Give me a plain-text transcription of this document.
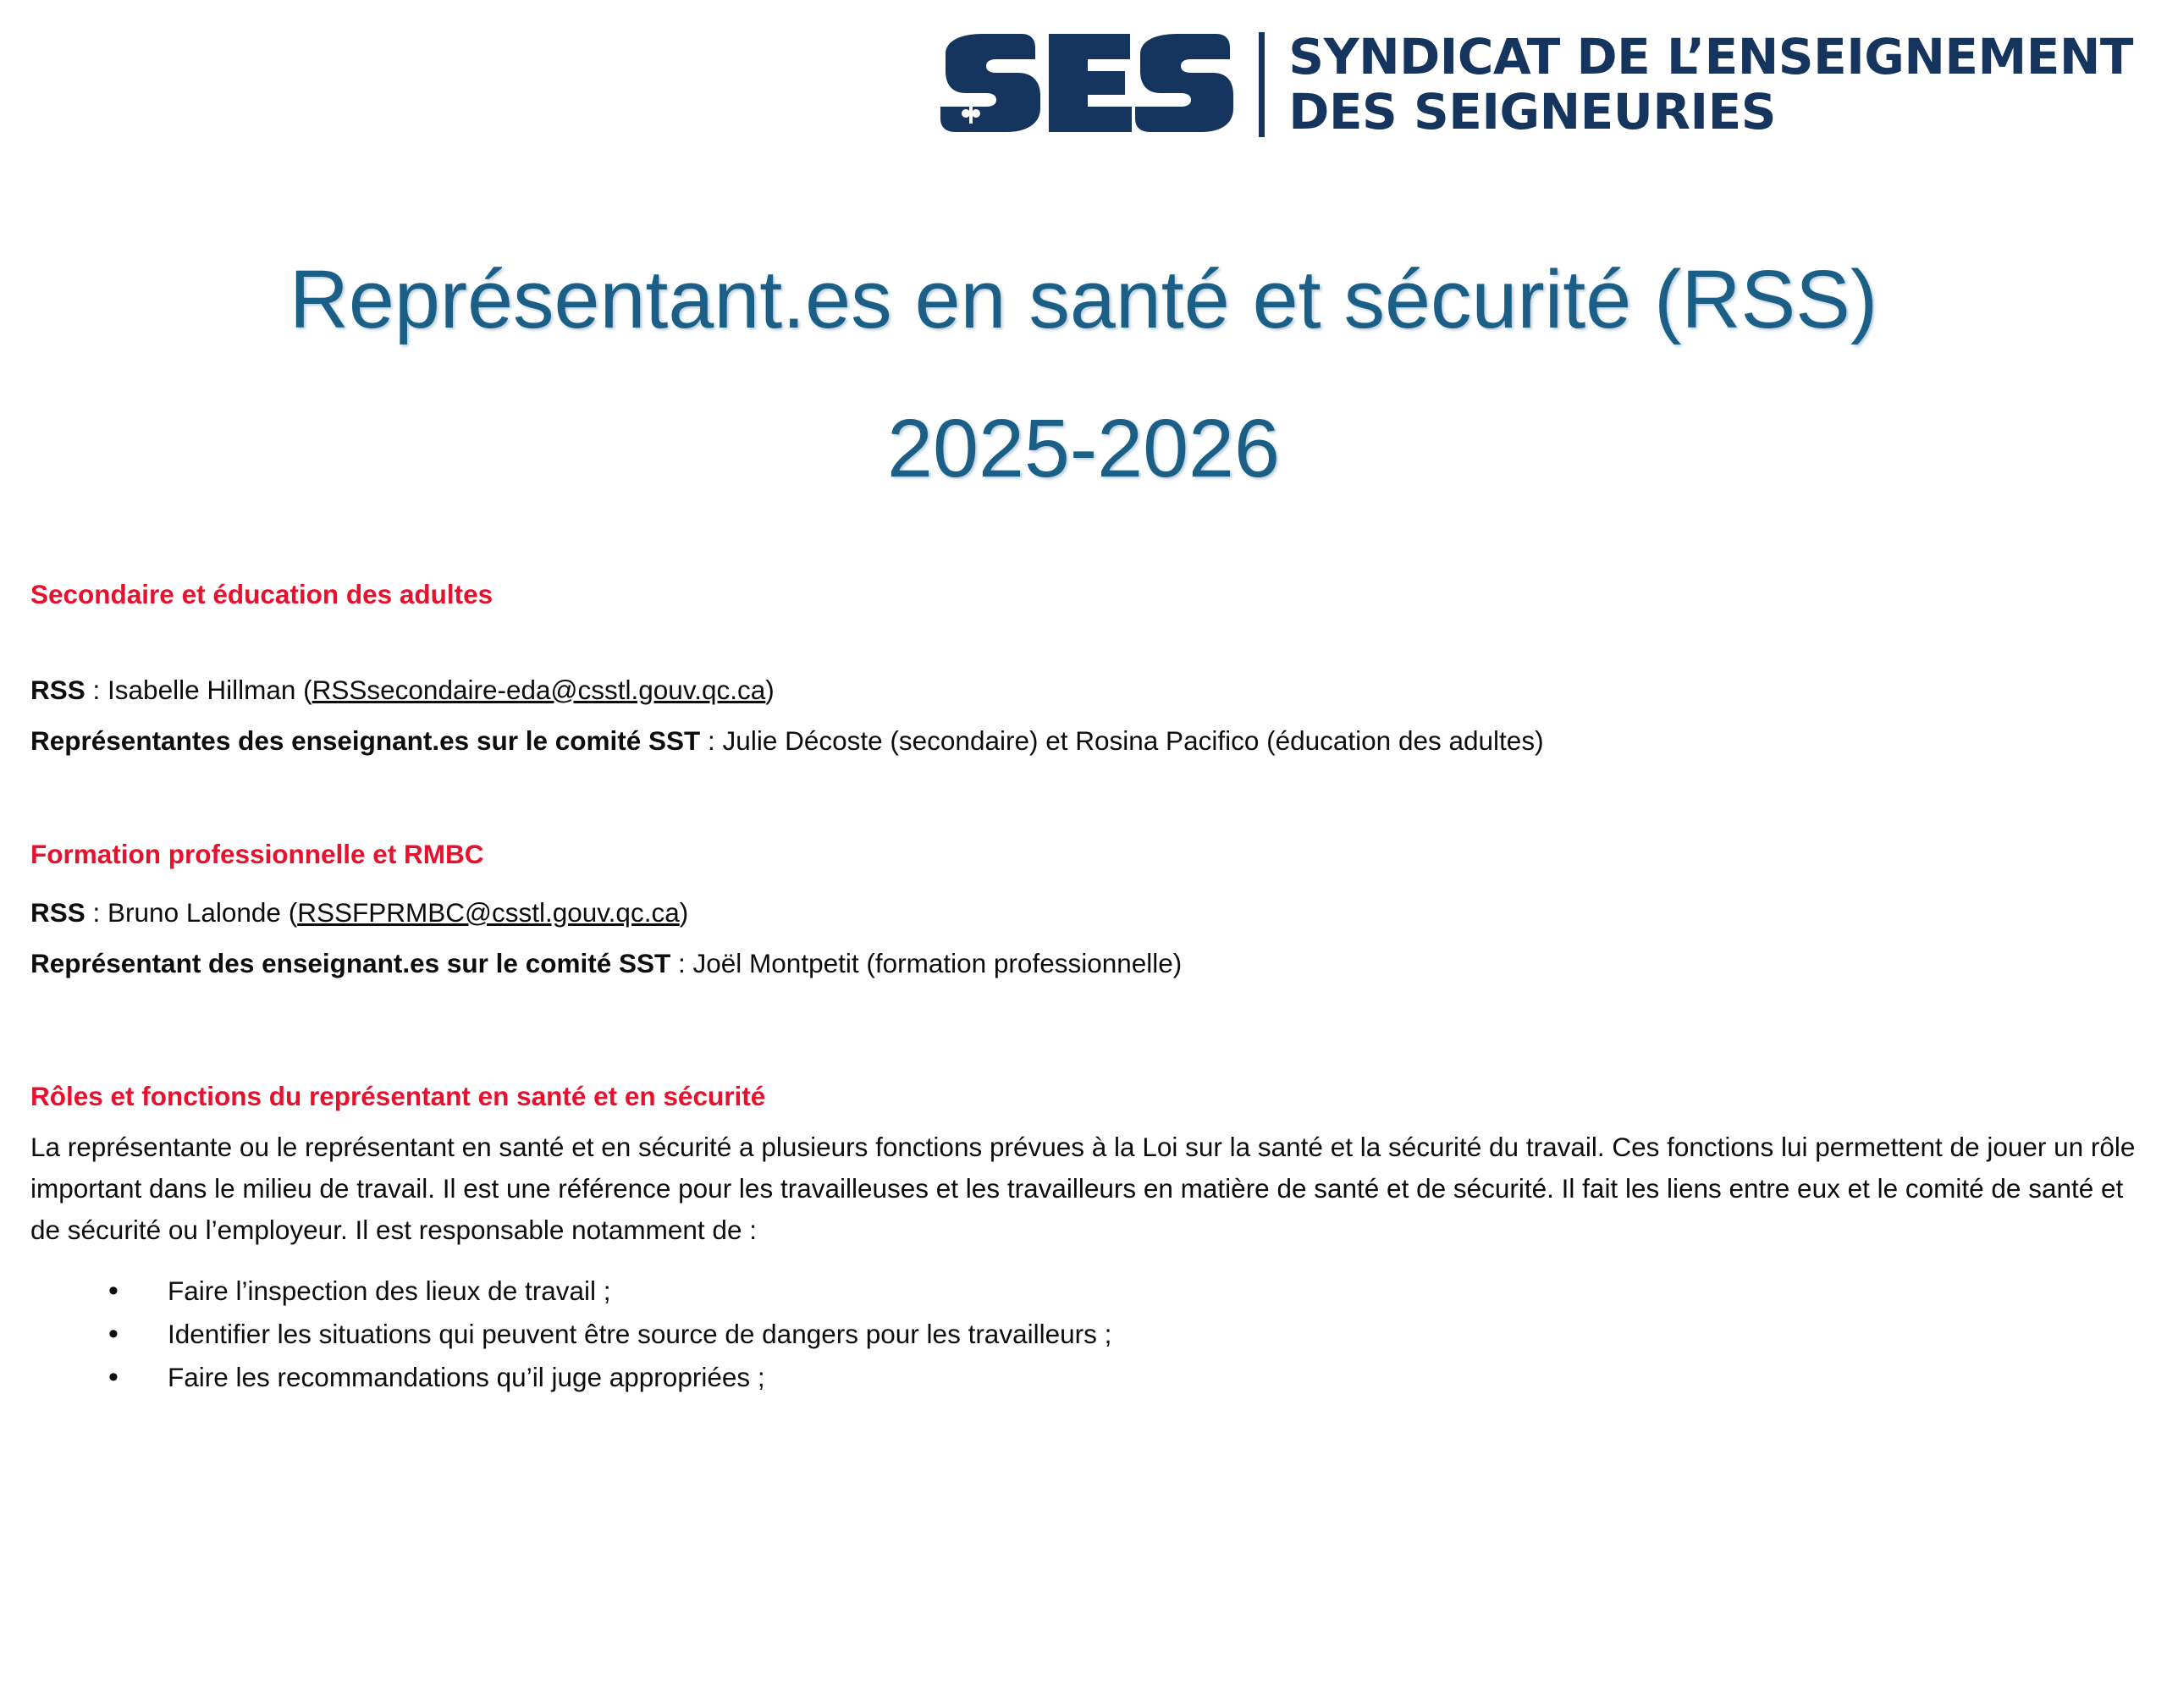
SYNDICAT DE L’ENSEIGNEMENT
DES SEIGNEURIES
Représentant.es en santé et sécurité (RSS)
2025-2026

Secondaire et éducation des adultes

RSS : Isabelle Hillman (RSSsecondaire-eda@csstl.gouv.qc.ca)

Représentantes des enseignant.es sur le comité SST : Julie Décoste (secondaire) et Rosina Pacifico (éducation des adultes)

Formation professionnelle et RMBC

RSS : Bruno Lalonde (RSSFPRMBC@csstl.gouv.qc.ca)

Représentant des enseignant.es sur le comité SST : Joël Montpetit (formation professionnelle)

Rôles et fonctions du représentant en santé et en sécurité

La représentante ou le représentant en santé et en sécurité a plusieurs fonctions prévues à la Loi sur la santé et la sécurité du travail. Ces fonctions lui permettent de jouer un rôle important dans le milieu de travail. Il est une référence pour les travailleuses et les travailleurs en matière de santé et de sécurité. Il fait les liens entre eux et le comité de santé et de sécurité ou l’employeur. Il est responsable notamment de :

• Faire l’inspection des lieux de travail ;
• Identifier les situations qui peuvent être source de dangers pour les travailleurs ;
• Faire les recommandations qu’il juge appropriées ;
